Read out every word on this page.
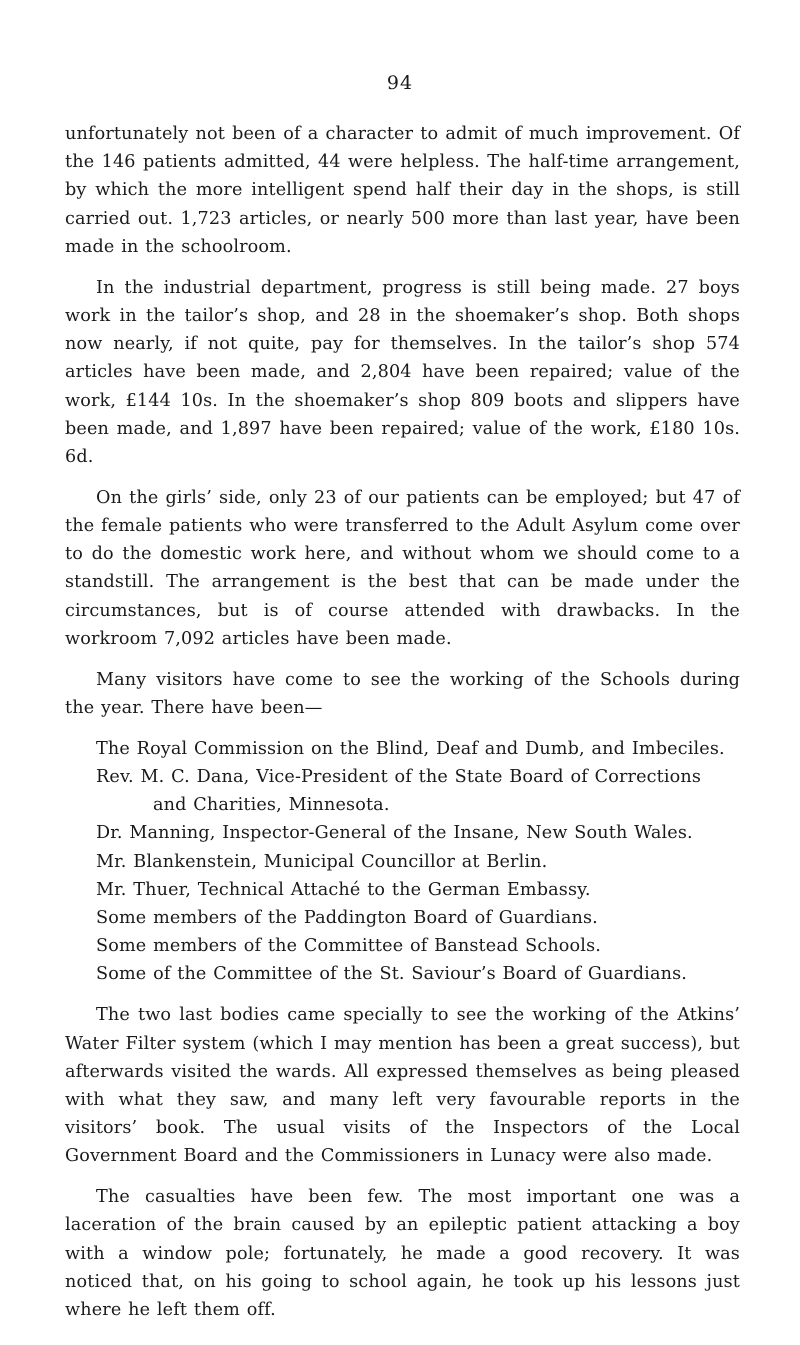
94

unfortunately not been of a character to admit of much improvement. Of the 146 patients admitted, 44 were helpless. The half-time arrangement, by which the more intelligent spend half their day in the shops, is still carried out. 1,723 articles, or nearly 500 more than last year, have been made in the schoolroom.

In the industrial department, progress is still being made. 27 boys work in the tailor’s shop, and 28 in the shoemaker’s shop. Both shops now nearly, if not quite, pay for themselves. In the tailor’s shop 574 articles have been made, and 2,804 have been repaired; value of the work, £144 10s. In the shoemaker’s shop 809 boots and slippers have been made, and 1,897 have been repaired; value of the work, £180 10s. 6d.

On the girls’ side, only 23 of our patients can be employed; but 47 of the female patients who were transferred to the Adult Asylum come over to do the domestic work here, and without whom we should come to a standstill. The arrangement is the best that can be made under the circumstances, but is of course attended with drawbacks. In the workroom 7,092 articles have been made.

Many visitors have come to see the working of the Schools during the year. There have been—

The Royal Commission on the Blind, Deaf and Dumb, and Imbeciles.
Rev. M. C. Dana, Vice-President of the State Board of Corrections and Charities, Minnesota.
Dr. Manning, Inspector-General of the Insane, New South Wales.
Mr. Blankenstein, Municipal Councillor at Berlin.
Mr. Thuer, Technical Attaché to the German Embassy.
Some members of the Paddington Board of Guardians.
Some members of the Committee of Banstead Schools.
Some of the Committee of the St. Saviour’s Board of Guardians.

The two last bodies came specially to see the working of the Atkins’ Water Filter system (which I may mention has been a great success), but afterwards visited the wards. All expressed themselves as being pleased with what they saw, and many left very favourable reports in the visitors’ book. The usual visits of the Inspectors of the Local Government Board and the Commissioners in Lunacy were also made.

The casualties have been few. The most important one was a laceration of the brain caused by an epileptic patient attacking a boy with a window pole; fortunately, he made a good recovery. It was noticed that, on his going to school again, he took up his lessons just where he left them off.
